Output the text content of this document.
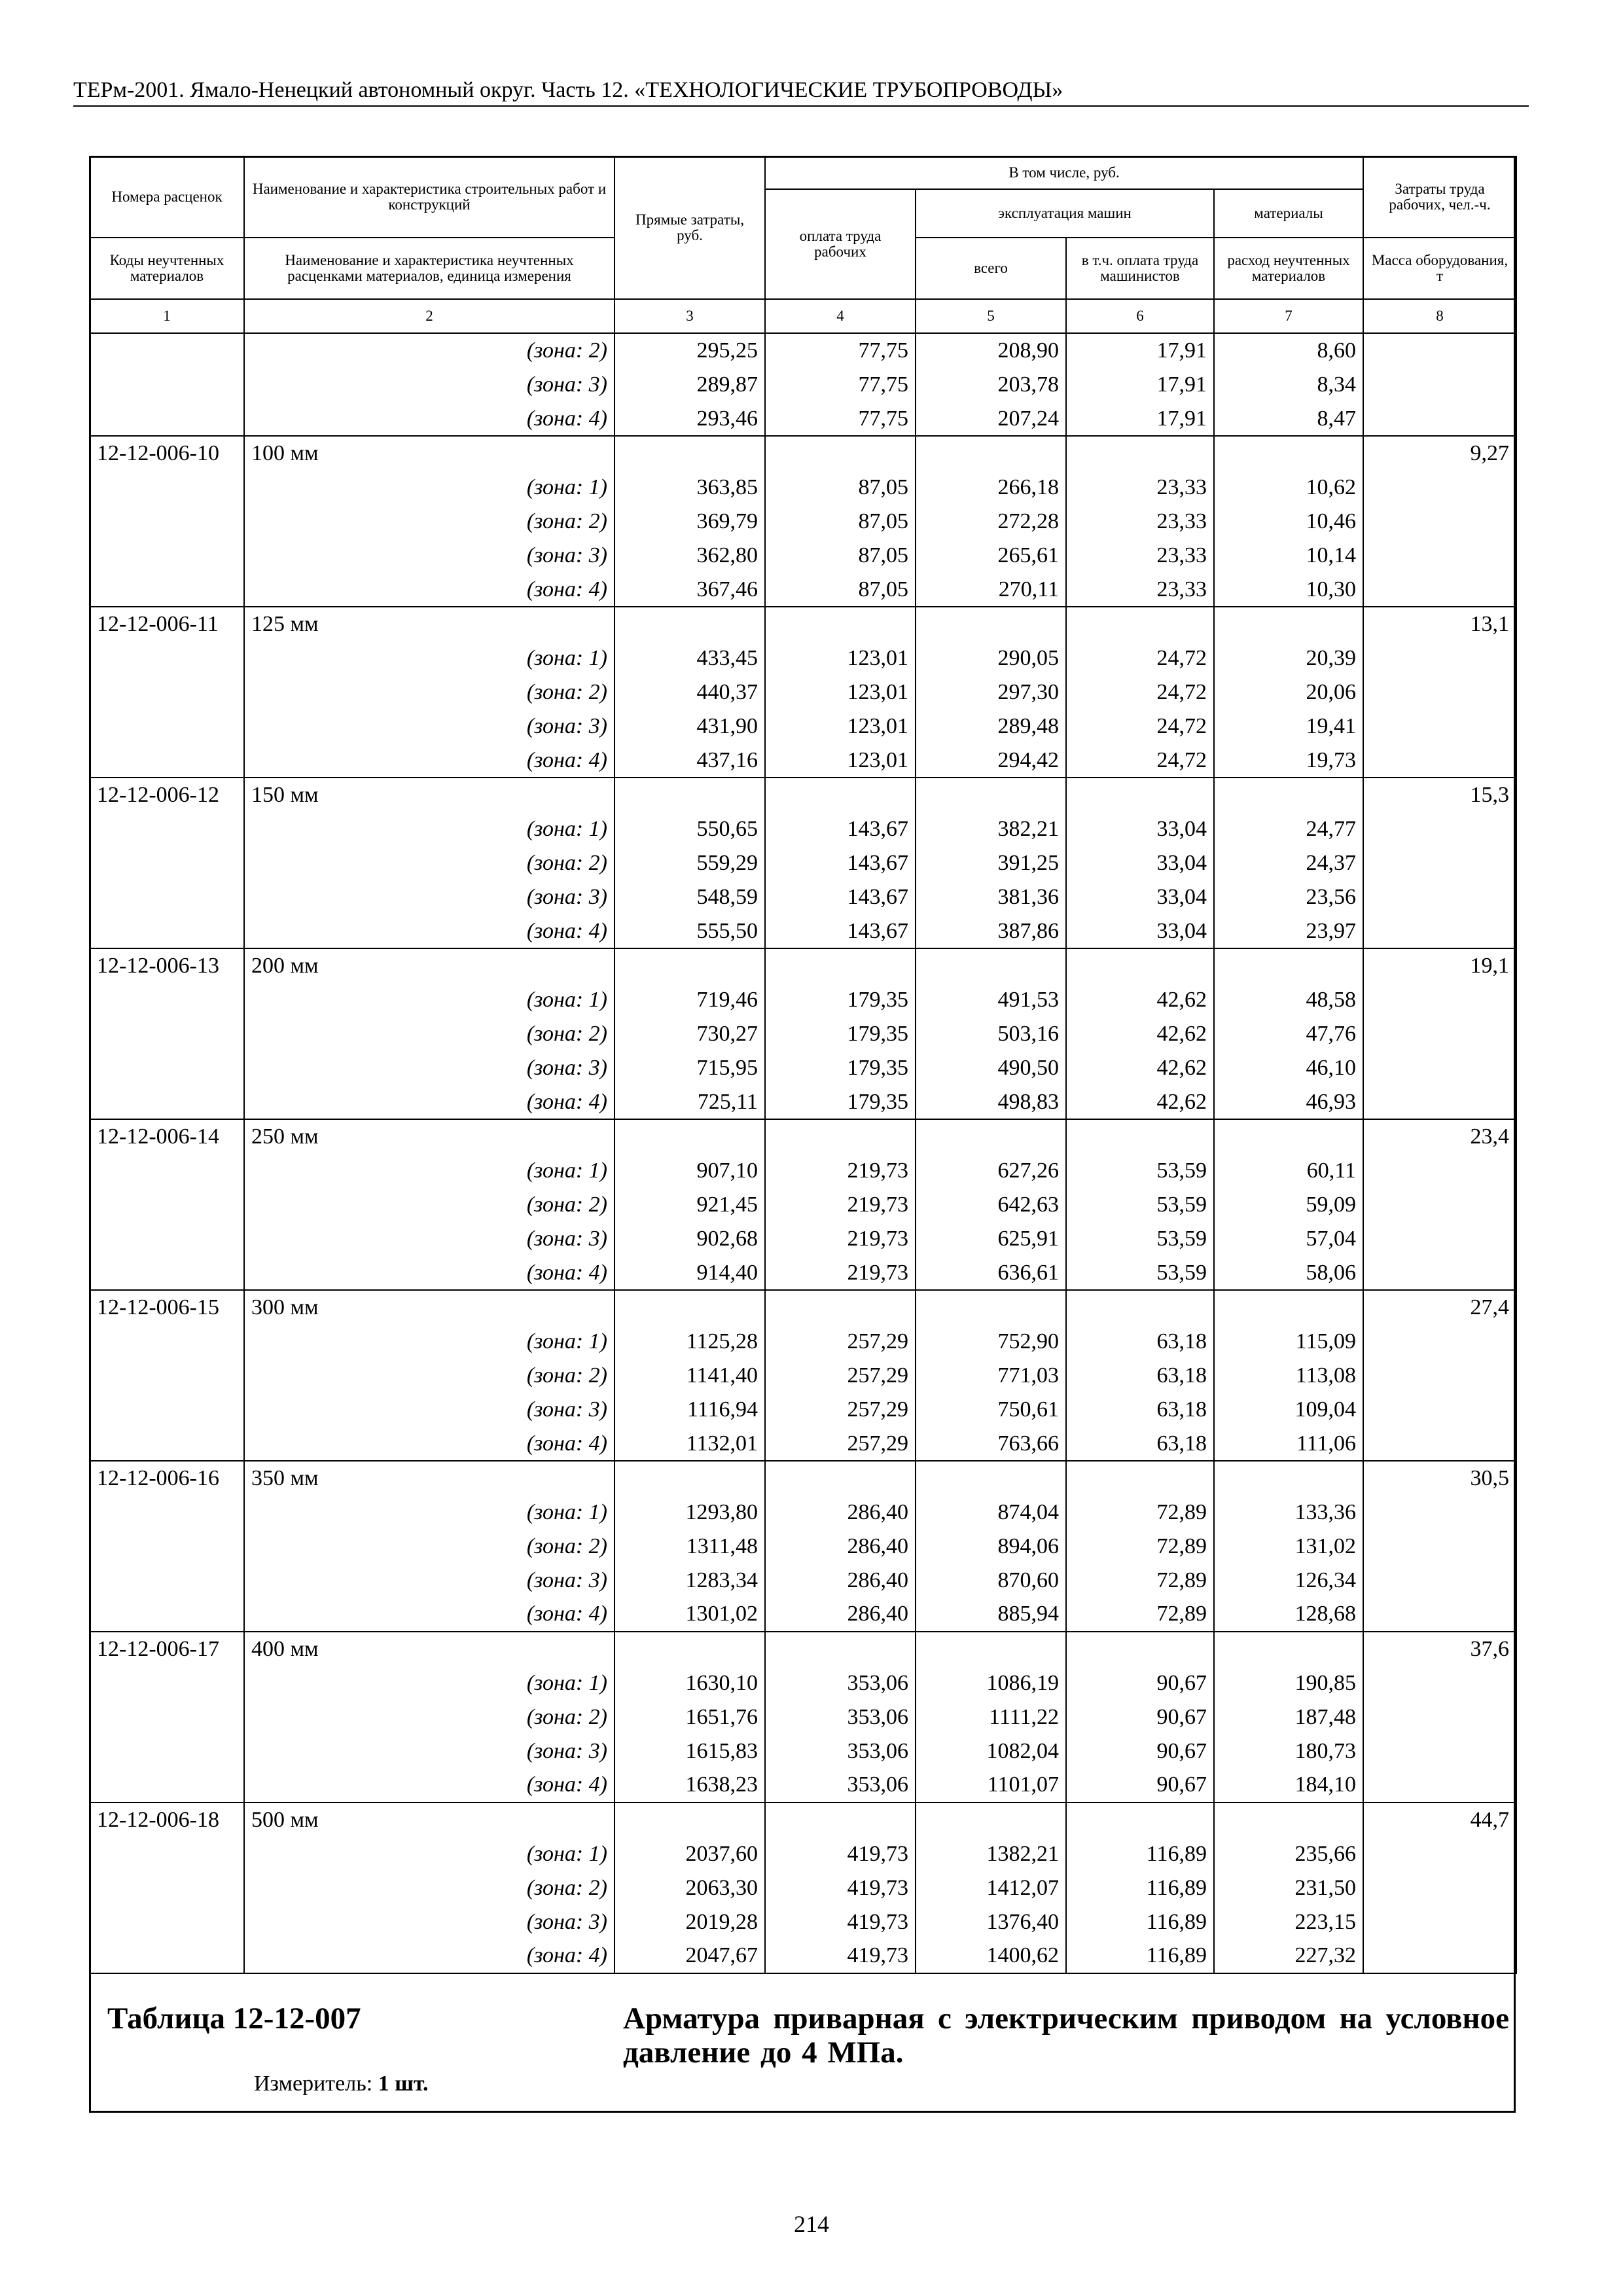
ТЕРм-2001. Ямало-Ненецкий автономный округ. Часть 12. «ТЕХНОЛОГИЧЕСКИЕ ТРУБОПРОВОДЫ»
Номера расценок	Наименование и характеристика строительных работ и конструкций	Прямые затраты, руб.	В том числе, руб.				Затраты труда рабочих, чел.-ч.
			оплата труда рабочих	эксплуатация машин		материалы	
Коды неучтенных материалов	Наименование и характеристика неучтенных расценками материалов, единица измерения			всего	в т.ч. оплата труда машинистов	расход неучтенных материалов	Масса оборудования, т
1	2	3	4	5	6	7	8
	(зона: 2)	295,25	77,75	208,90	17,91	8,60	
	(зона: 3)	289,87	77,75	203,78	17,91	8,34	
	(зона: 4)	293,46	77,75	207,24	17,91	8,47	
12-12-006-10	100 мм						9,27
	(зона: 1)	363,85	87,05	266,18	23,33	10,62	
	(зона: 2)	369,79	87,05	272,28	23,33	10,46	
	(зона: 3)	362,80	87,05	265,61	23,33	10,14	
	(зона: 4)	367,46	87,05	270,11	23,33	10,30	
12-12-006-11	125 мм						13,1
	(зона: 1)	433,45	123,01	290,05	24,72	20,39	
	(зона: 2)	440,37	123,01	297,30	24,72	20,06	
	(зона: 3)	431,90	123,01	289,48	24,72	19,41	
	(зона: 4)	437,16	123,01	294,42	24,72	19,73	
12-12-006-12	150 мм						15,3
	(зона: 1)	550,65	143,67	382,21	33,04	24,77	
	(зона: 2)	559,29	143,67	391,25	33,04	24,37	
	(зона: 3)	548,59	143,67	381,36	33,04	23,56	
	(зона: 4)	555,50	143,67	387,86	33,04	23,97	
12-12-006-13	200 мм						19,1
	(зона: 1)	719,46	179,35	491,53	42,62	48,58	
	(зона: 2)	730,27	179,35	503,16	42,62	47,76	
	(зона: 3)	715,95	179,35	490,50	42,62	46,10	
	(зона: 4)	725,11	179,35	498,83	42,62	46,93	
12-12-006-14	250 мм						23,4
	(зона: 1)	907,10	219,73	627,26	53,59	60,11	
	(зона: 2)	921,45	219,73	642,63	53,59	59,09	
	(зона: 3)	902,68	219,73	625,91	53,59	57,04	
	(зона: 4)	914,40	219,73	636,61	53,59	58,06	
12-12-006-15	300 мм						27,4
	(зона: 1)	1125,28	257,29	752,90	63,18	115,09	
	(зона: 2)	1141,40	257,29	771,03	63,18	113,08	
	(зона: 3)	1116,94	257,29	750,61	63,18	109,04	
	(зона: 4)	1132,01	257,29	763,66	63,18	111,06	
12-12-006-16	350 мм						30,5
	(зона: 1)	1293,80	286,40	874,04	72,89	133,36	
	(зона: 2)	1311,48	286,40	894,06	72,89	131,02	
	(зона: 3)	1283,34	286,40	870,60	72,89	126,34	
	(зона: 4)	1301,02	286,40	885,94	72,89	128,68	
12-12-006-17	400 мм						37,6
	(зона: 1)	1630,10	353,06	1086,19	90,67	190,85	
	(зона: 2)	1651,76	353,06	1111,22	90,67	187,48	
	(зона: 3)	1615,83	353,06	1082,04	90,67	180,73	
	(зона: 4)	1638,23	353,06	1101,07	90,67	184,10	
12-12-006-18	500 мм						44,7
	(зона: 1)	2037,60	419,73	1382,21	116,89	235,66	
	(зона: 2)	2063,30	419,73	1412,07	116,89	231,50	
	(зона: 3)	2019,28	419,73	1376,40	116,89	223,15	
	(зона: 4)	2047,67	419,73	1400,62	116,89	227,32	
Таблица 12-12-007	Арматура приварная с электрическим приводом на условное давление до 4 МПа.
Измеритель: 1 шт.
214
